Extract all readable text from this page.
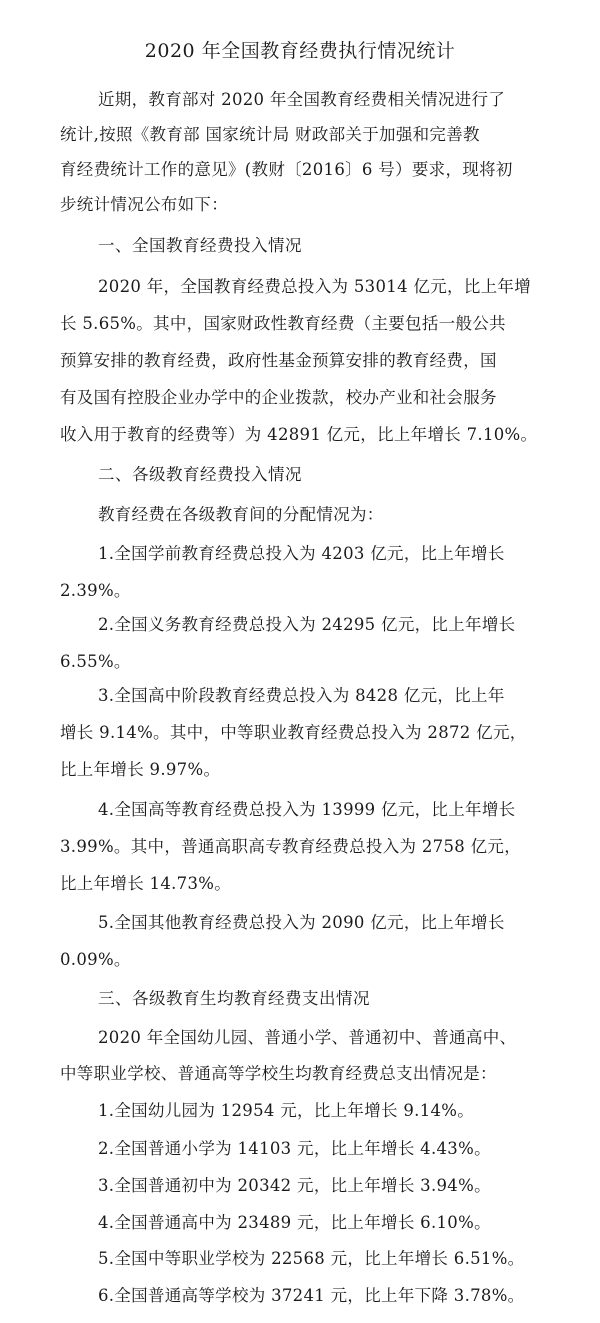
2020 年全国教育经费执行情况统计
近期，教育部对 2020 年全国教育经费相关情况进行了
统计,按照《教育部 国家统计局 财政部关于加强和完善教
育经费统计工作的意见》(教财〔2016〕6 号）要求，现将初
步统计情况公布如下：
一、全国教育经费投入情况
2020 年，全国教育经费总投入为 53014 亿元，比上年增
长 5.65%。其中，国家财政性教育经费（主要包括一般公共
预算安排的教育经费，政府性基金预算安排的教育经费，国
有及国有控股企业办学中的企业拨款，校办产业和社会服务
收入用于教育的经费等）为 42891 亿元，比上年增长 7.10%。
二、各级教育经费投入情况
教育经费在各级教育间的分配情况为：
1.全国学前教育经费总投入为 4203 亿元，比上年增长
2.39%。
2.全国义务教育经费总投入为 24295 亿元，比上年增长
6.55%。
3.全国高中阶段教育经费总投入为 8428 亿元，比上年
增长 9.14%。其中，中等职业教育经费总投入为 2872 亿元，
比上年增长 9.97%。
4.全国高等教育经费总投入为 13999 亿元，比上年增长
3.99%。其中，普通高职高专教育经费总投入为 2758 亿元，
比上年增长 14.73%。
5.全国其他教育经费总投入为 2090 亿元，比上年增长
0.09%。
三、各级教育生均教育经费支出情况
2020 年全国幼儿园、普通小学、普通初中、普通高中、
中等职业学校、普通高等学校生均教育经费总支出情况是：
1.全国幼儿园为 12954 元，比上年增长 9.14%。
2.全国普通小学为 14103 元，比上年增长 4.43%。
3.全国普通初中为 20342 元，比上年增长 3.94%。
4.全国普通高中为 23489 元，比上年增长 6.10%。
5.全国中等职业学校为 22568 元，比上年增长 6.51%。
6.全国普通高等学校为 37241 元，比上年下降 3.78%。
